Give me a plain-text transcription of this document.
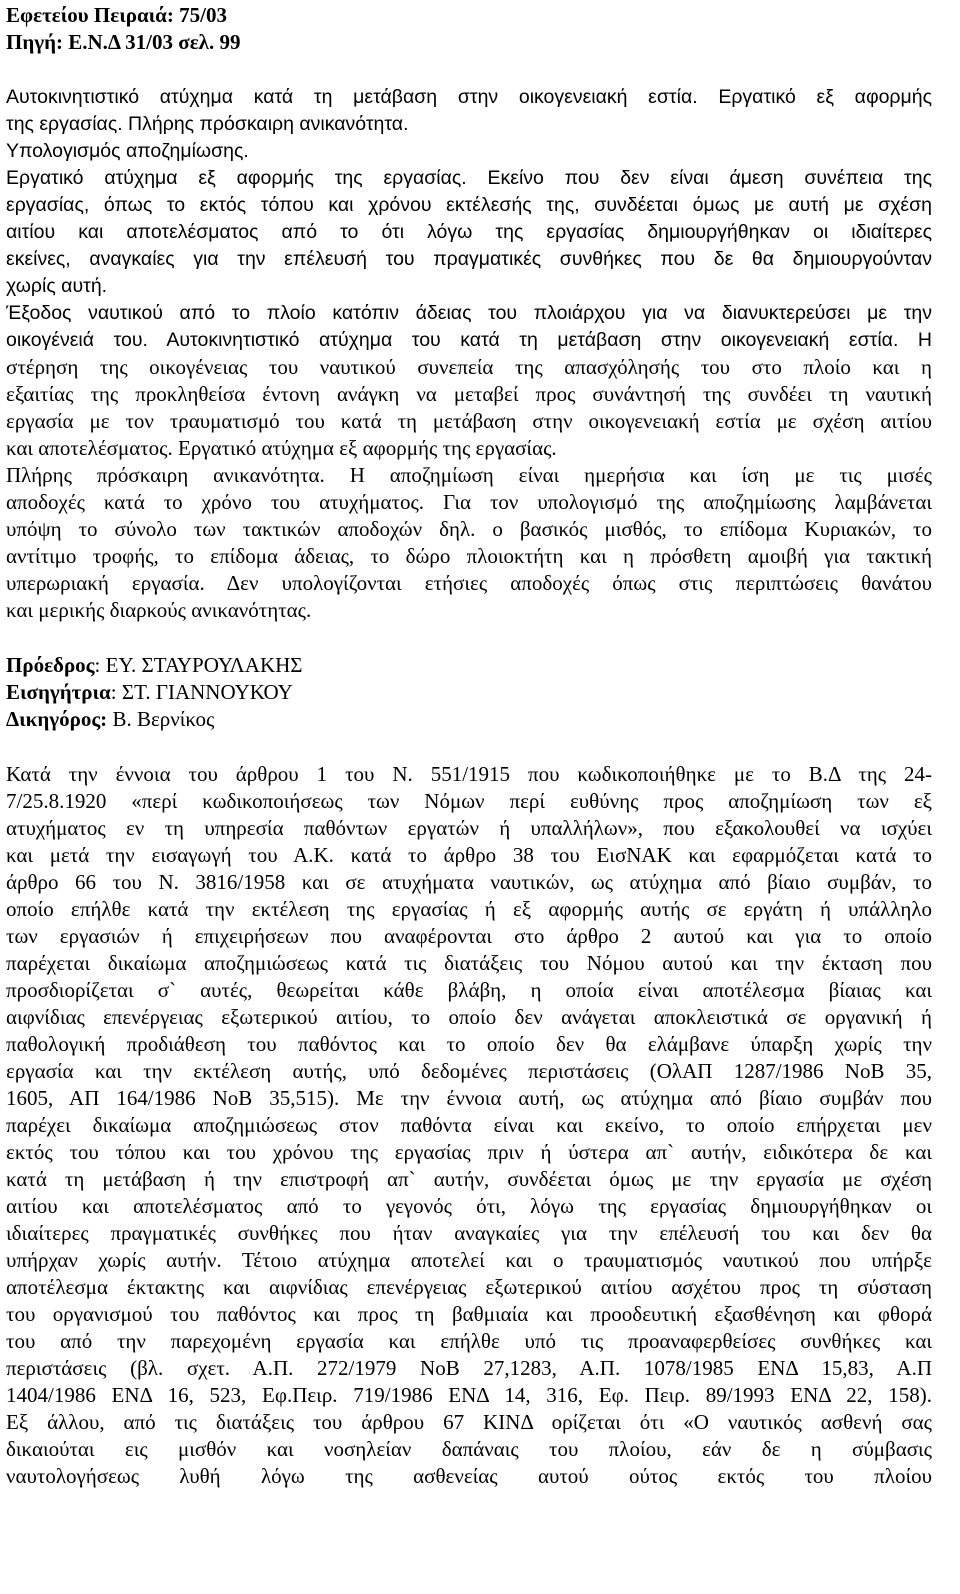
Εφετείου Πειραιά: 75/03
Πηγή: Ε.Ν.Δ 31/03 σελ. 99
Αυτοκινητιστικό ατύχημα κατά τη μετάβαση στην οικογενειακή εστία. Εργατικό εξ αφορμής
της εργασίας. Πλήρης πρόσκαιρη ανικανότητα.
Υπολογισμός αποζημίωσης.
Εργατικό ατύχημα εξ αφορμής της εργασίας. Εκείνο που δεν είναι άμεση συνέπεια της
εργασίας, όπως το εκτός τόπου και χρόνου εκτέλεσής της, συνδέεται όμως με αυτή με σχέση
αιτίου και αποτελέσματος από το ότι λόγω της εργασίας δημιουργήθηκαν οι ιδιαίτερες
εκείνες, αναγκαίες για την επέλευσή του πραγματικές συνθήκες που δε θα δημιουργούνταν
χωρίς αυτή.
Έξοδος ναυτικού από το πλοίο κατόπιν άδειας του πλοιάρχου για να διανυκτερεύσει με την
οικογένειά του. Αυτοκινητιστικό ατύχημα του κατά τη μετάβαση στην οικογενειακή εστία. Η
στέρηση της οικογένειας του ναυτικού συνεπεία της απασχόλησής του στο πλοίο και η
εξαιτίας της προκληθείσα έντονη ανάγκη να μεταβεί προς συνάντησή της συνδέει τη ναυτική
εργασία με τον τραυματισμό του κατά τη μετάβαση στην οικογενειακή εστία με σχέση αιτίου
και αποτελέσματος. Εργατικό ατύχημα εξ αφορμής της εργασίας.
Πλήρης πρόσκαιρη ανικανότητα. Η αποζημίωση είναι ημερήσια και ίση με τις μισές
αποδοχές κατά το χρόνο του ατυχήματος. Για τον υπολογισμό της αποζημίωσης λαμβάνεται
υπόψη το σύνολο των τακτικών αποδοχών δηλ. ο βασικός μισθός, το επίδομα Κυριακών, το
αντίτιμο τροφής, το επίδομα άδειας, το δώρο πλοιοκτήτη και η πρόσθετη αμοιβή για τακτική
υπερωριακή εργασία. Δεν υπολογίζονται ετήσιες αποδοχές όπως στις περιπτώσεις θανάτου
και μερικής διαρκούς ανικανότητας.
Πρόεδρος: ΕΥ. ΣΤΑΥΡΟΥΛΑΚΗΣ
Εισηγήτρια: ΣΤ. ΓΙΑΝΝΟΥΚΟΥ
Δικηγόρος: Β. Βερνίκος
Κατά την έννοια του άρθρου 1 του Ν. 551/1915 που κωδικοποιήθηκε με το Β.Δ της 24-
7/25.8.1920 «περί κωδικοποιήσεως των Νόμων περί ευθύνης προς αποζημίωση των εξ
ατυχήματος εν τη υπηρεσία παθόντων εργατών ή υπαλλήλων», που εξακολουθεί να ισχύει
και μετά την εισαγωγή του Α.Κ. κατά το άρθρο 38 του ΕισΝΑΚ και εφαρμόζεται κατά το
άρθρο 66 του Ν. 3816/1958 και σε ατυχήματα ναυτικών, ως ατύχημα από βίαιο συμβάν, το
οποίο επήλθε κατά την εκτέλεση της εργασίας ή εξ αφορμής αυτής σε εργάτη ή υπάλληλο
των εργασιών ή επιχειρήσεων που αναφέρονται στο άρθρο 2 αυτού και για το οποίο
παρέχεται δικαίωμα αποζημιώσεως κατά τις διατάξεις του Νόμου αυτού και την έκταση που
προσδιορίζεται σ` αυτές, θεωρείται κάθε βλάβη, η οποία είναι αποτέλεσμα βίαιας και
αιφνίδιας επενέργειας εξωτερικού αιτίου, το οποίο δεν ανάγεται αποκλειστικά σε οργανική ή
παθολογική προδιάθεση του παθόντος και το οποίο δεν θα ελάμβανε ύπαρξη χωρίς την
εργασία και την εκτέλεση αυτής, υπό δεδομένες περιστάσεις (ΟλΑΠ 1287/1986 ΝοΒ 35,
1605, ΑΠ 164/1986 ΝοΒ 35,515). Με την έννοια αυτή, ως ατύχημα από βίαιο συμβάν που
παρέχει δικαίωμα αποζημιώσεως στον παθόντα είναι και εκείνο, το οποίο επήρχεται μεν
εκτός του τόπου και του χρόνου της εργασίας πριν ή ύστερα απ` αυτήν, ειδικότερα δε και
κατά τη μετάβαση ή την επιστροφή απ` αυτήν, συνδέεται όμως με την εργασία με σχέση
αιτίου και αποτελέσματος από το γεγονός ότι, λόγω της εργασίας δημιουργήθηκαν οι
ιδιαίτερες πραγματικές συνθήκες που ήταν αναγκαίες για την επέλευσή του και δεν θα
υπήρχαν χωρίς αυτήν. Τέτοιο ατύχημα αποτελεί και ο τραυματισμός ναυτικού που υπήρξε
αποτέλεσμα έκτακτης και αιφνίδιας επενέργειας εξωτερικού αιτίου ασχέτου προς τη σύσταση
του οργανισμού του παθόντος και προς τη βαθμιαία και προοδευτική εξασθένηση και φθορά
του από την παρεχομένη εργασία και επήλθε υπό τις προαναφερθείσες συνθήκες και
περιστάσεις (βλ. σχετ. Α.Π. 272/1979 ΝοΒ 27,1283, Α.Π. 1078/1985 ΕΝΔ 15,83, Α.Π
1404/1986 ΕΝΔ 16, 523, Εφ.Πειρ. 719/1986 ΕΝΔ 14, 316, Εφ. Πειρ. 89/1993 ΕΝΔ 22, 158).
Εξ άλλου, από τις διατάξεις του άρθρου 67 ΚΙΝΔ ορίζεται ότι «Ο ναυτικός ασθενή σας
δικαιούται εις μισθόν και νοσηλείαν δαπάναις του πλοίου, εάν δε η σύμβασις
ναυτολογήσεως λυθή λόγω της ασθενείας αυτού ούτος εκτός του πλοίου
